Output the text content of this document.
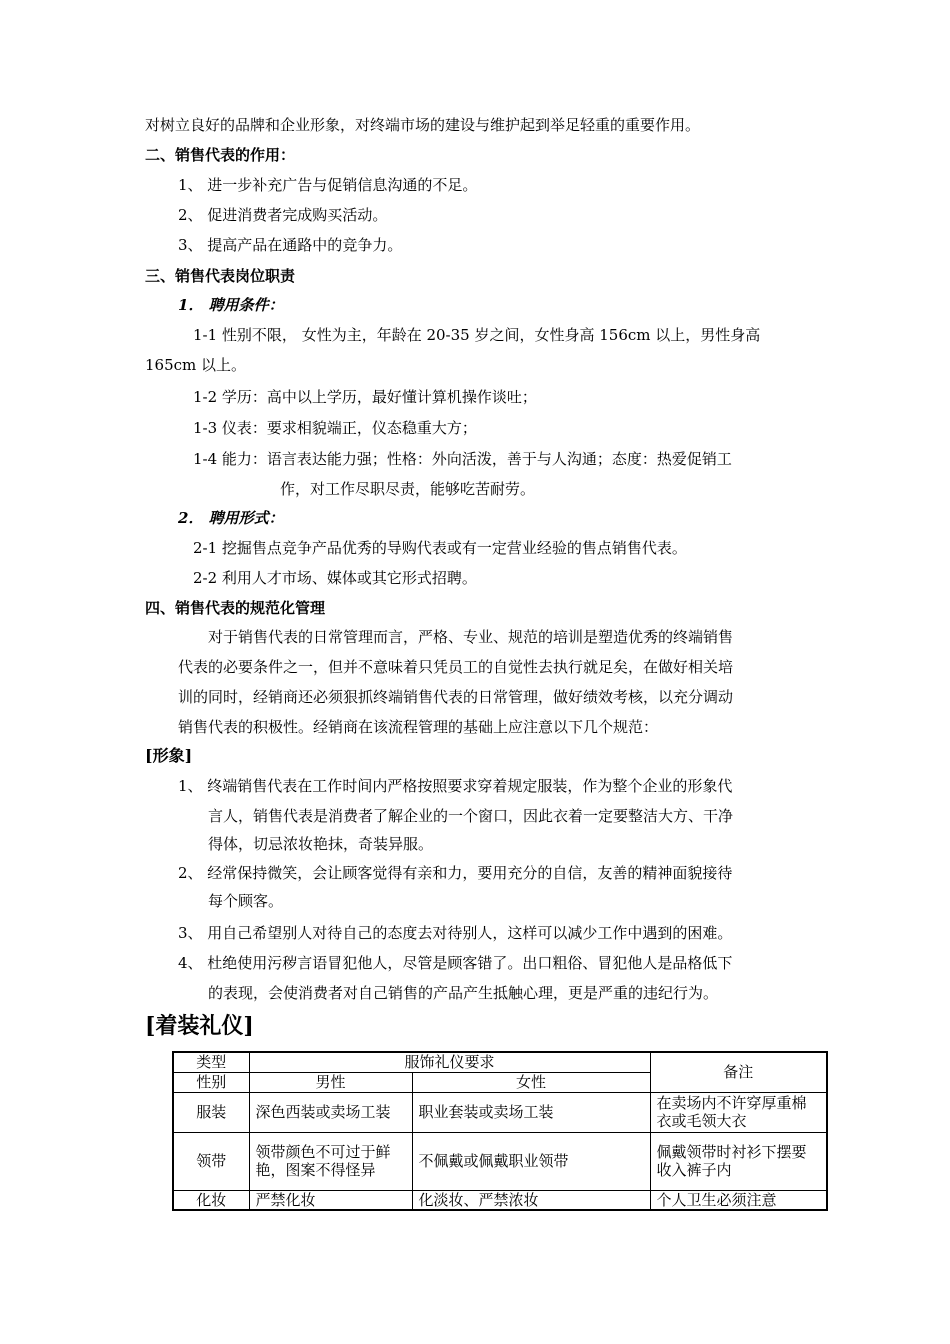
对树立良好的品牌和企业形象，对终端市场的建设与维护起到举足轻重的重要作用。
二、销售代表的作用：
1、 进一步补充广告与促销信息沟通的不足。
2、 促进消费者完成购买活动。
3、 提高产品在通路中的竞争力。
三、销售代表岗位职责
1． 聘用条件：
1-1 性别不限， 女性为主，年龄在 20-35 岁之间，女性身高 156cm 以上，男性身高
165cm 以上。
1-2 学历：高中以上学历，最好懂计算机操作谈吐；
1-3 仪表：要求相貌端正，仪态稳重大方；
1-4 能力：语言表达能力强；性格：外向活泼，善于与人沟通；态度：热爱促销工
作，对工作尽职尽责，能够吃苦耐劳。
2． 聘用形式：
2-1 挖掘售点竞争产品优秀的导购代表或有一定营业经验的售点销售代表。
2-2 利用人才市场、媒体或其它形式招聘。
四、销售代表的规范化管理
对于销售代表的日常管理而言，严格、专业、规范的培训是塑造优秀的终端销售
代表的必要条件之一，但并不意味着只凭员工的自觉性去执行就足矣，在做好相关培
训的同时，经销商还必须狠抓终端销售代表的日常管理，做好绩效考核，以充分调动
销售代表的积极性。经销商在该流程管理的基础上应注意以下几个规范：
[形象]
1、 终端销售代表在工作时间内严格按照要求穿着规定服装，作为整个企业的形象代
言人，销售代表是消费者了解企业的一个窗口，因此衣着一定要整洁大方、干净
得体，切忌浓妆艳抹，奇装异服。
2、 经常保持微笑，会让顾客觉得有亲和力，要用充分的自信，友善的精神面貌接待
每个顾客。
3、 用自己希望别人对待自己的态度去对待别人，这样可以减少工作中遇到的困难。
4、 杜绝使用污秽言语冒犯他人，尽管是顾客错了。出口粗俗、冒犯他人是品格低下
的表现，会使消费者对自己销售的产品产生抵触心理，更是严重的违纪行为。
[着装礼仪]
类型	服饰礼仪要求		备注
性别	男性	女性	
服装	深色西装或卖场工装	职业套装或卖场工装	在卖场内不许穿厚重棉衣或毛领大衣
领带	领带颜色不可过于鲜艳，图案不得怪异	不佩戴或佩戴职业领带	佩戴领带时衬衫下摆要收入裤子内
化妆	严禁化妆	化淡妆、严禁浓妆	个人卫生必须注意
